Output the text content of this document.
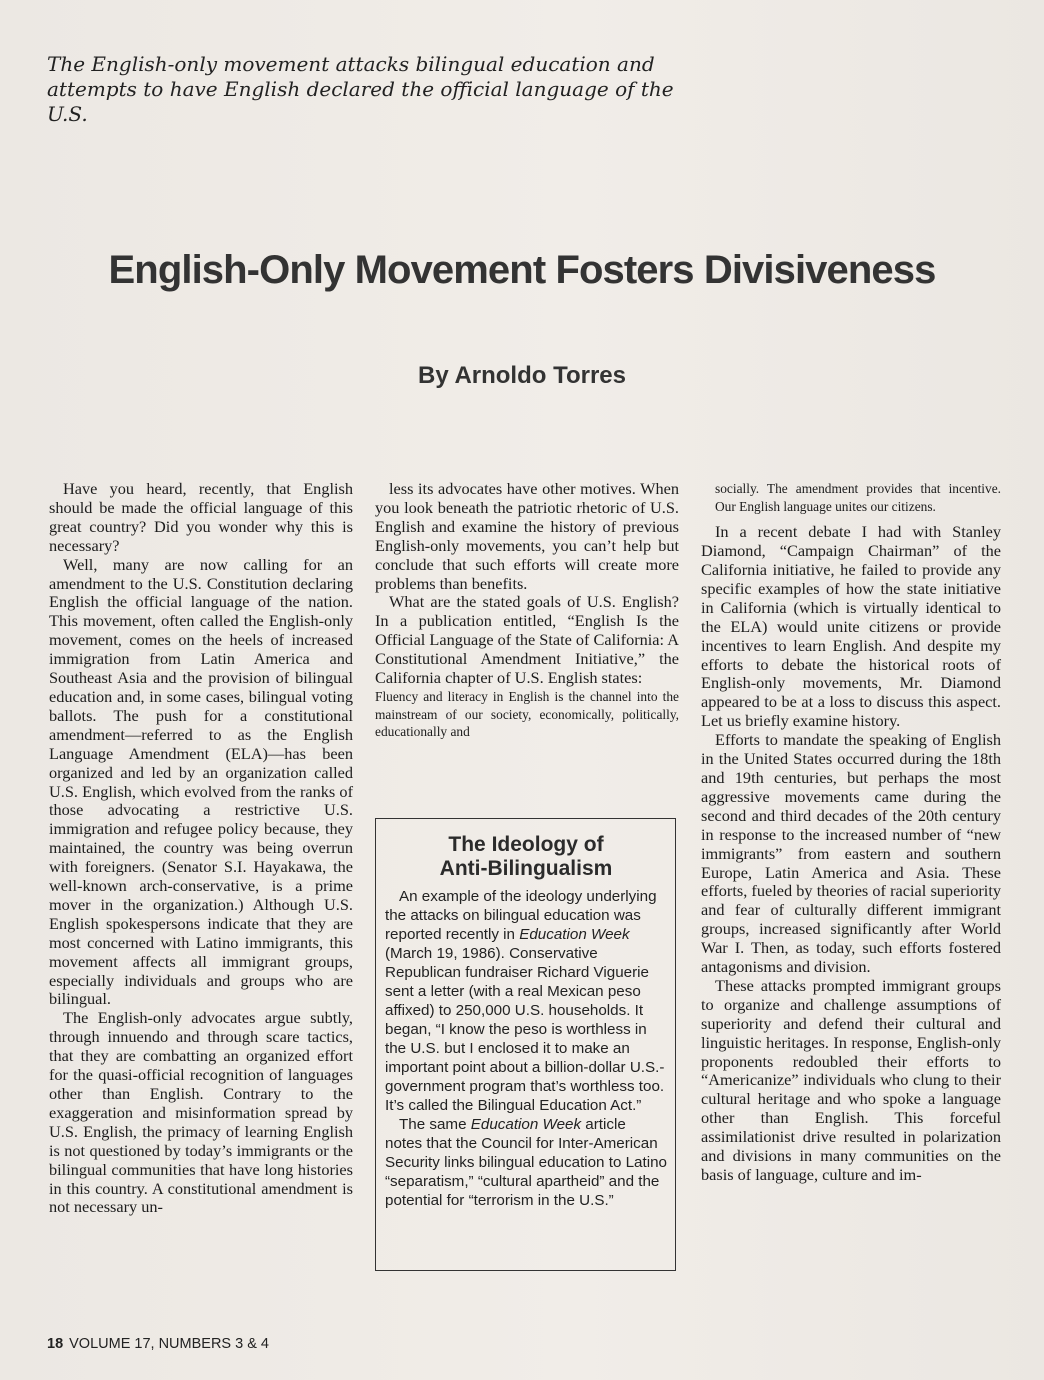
The English-only movement attacks bilingual education and attempts to have English declared the official language of the U.S.
English-Only Movement Fosters Divisiveness
By Arnoldo Torres

Have you heard, recently, that English should be made the official language of this great country? Did you wonder why this is necessary?

Well, many are now calling for an amendment to the U.S. Constitution declaring English the official language of the nation. This movement, often called the English-only movement, comes on the heels of increased immigration from Latin America and Southeast Asia and the provision of bilingual education and, in some cases, bilingual voting ballots. The push for a constitutional amendment—referred to as the English Language Amendment (ELA)—has been organized and led by an organization called U.S. English, which evolved from the ranks of those advocating a restrictive U.S. immigration and refugee policy because, they maintained, the country was being overrun with foreigners. (Senator S.I. Hayakawa, the well-known arch-conservative, is a prime mover in the organization.) Although U.S. English spokespersons indicate that they are most concerned with Latino immigrants, this movement affects all immigrant groups, especially individuals and groups who are bilingual.

The English-only advocates argue subtly, through innuendo and through scare tactics, that they are combatting an organized effort for the quasi-official recognition of languages other than English. Contrary to the exaggeration and misinformation spread by U.S. English, the primacy of learning English is not questioned by today’s immigrants or the bilingual communities that have long histories in this country. A constitutional amendment is not necessary un-

less its advocates have other motives. When you look beneath the patriotic rhetoric of U.S. English and examine the history of previous English-only movements, you can’t help but conclude that such efforts will create more problems than benefits.

What are the stated goals of U.S. English? In a publication entitled, “English Is the Official Language of the State of California: A Constitutional Amendment Initiative,” the California chapter of U.S. English states:

Fluency and literacy in English is the channel into the mainstream of our society, economically, politically, educationally and

The Ideology of
Anti-Bilingualism

An example of the ideology underlying the attacks on bilingual education was reported recently in Education Week (March 19, 1986). Conservative Republican fundraiser Richard Viguerie sent a letter (with a real Mexican peso affixed) to 250,000 U.S. households. It began, “I know the peso is worthless in the U.S. but I enclosed it to make an important point about a billion-dollar U.S.-government program that’s worthless too. It’s called the Bilingual Education Act.”

The same Education Week article notes that the Council for Inter-American Security links bilingual education to Latino “separatism,” “cultural apartheid” and the potential for “terrorism in the U.S.”

socially. The amendment provides that incentive. Our English language unites our citizens.

In a recent debate I had with Stanley Diamond, “Campaign Chairman” of the California initiative, he failed to provide any specific examples of how the state initiative in California (which is virtually identical to the ELA) would unite citizens or provide incentives to learn English. And despite my efforts to debate the historical roots of English-only movements, Mr. Diamond appeared to be at a loss to discuss this aspect. Let us briefly examine history.

Efforts to mandate the speaking of English in the United States occurred during the 18th and 19th centuries, but perhaps the most aggressive movements came during the second and third decades of the 20th century in response to the increased number of “new immigrants” from eastern and southern Europe, Latin America and Asia. These efforts, fueled by theories of racial superiority and fear of culturally different immigrant groups, increased significantly after World War I. Then, as today, such efforts fostered antagonisms and division.

These attacks prompted immigrant groups to organize and challenge assumptions of superiority and defend their cultural and linguistic heritages. In response, English-only proponents redoubled their efforts to “Americanize” individuals who clung to their cultural heritage and who spoke a language other than English. This forceful assimilationist drive resulted in polarization and divisions in many communities on the basis of language, culture and im-

18 VOLUME 17, NUMBERS 3 & 4
